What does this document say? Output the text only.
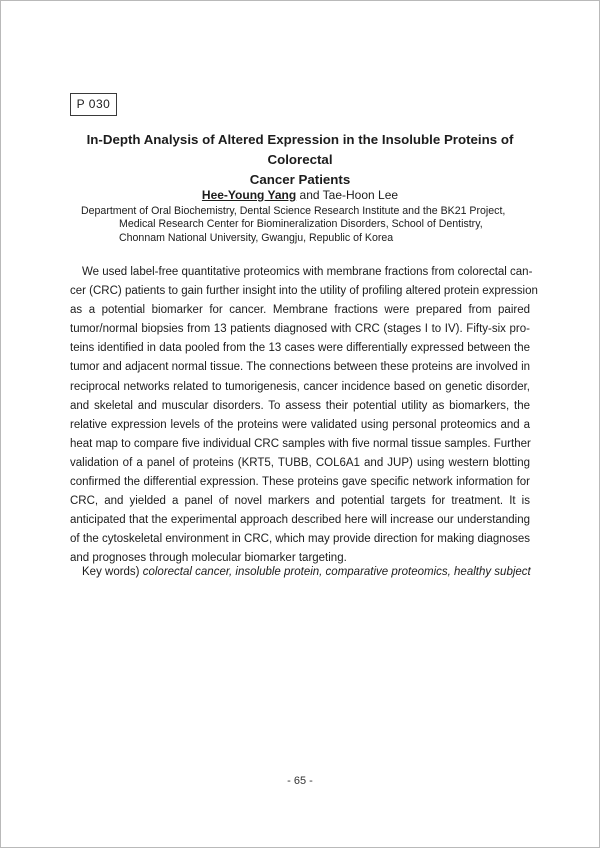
P 030
In-Depth Analysis of Altered Expression in the Insoluble Proteins of Colorectal
Cancer Patients
Hee-Young Yang and Tae-Hoon Lee
Department of Oral Biochemistry, Dental Science Research Institute and the BK21 Project,
Medical Research Center for Biomineralization Disorders, School of Dentistry,
Chonnam National University, Gwangju, Republic of Korea
We used label-free quantitative proteomics with membrane fractions from colorectal can-
cer (CRC) patients to gain further insight into the utility of profiling altered protein expression
as a potential biomarker for cancer. Membrane fractions were prepared from paired
tumor/normal biopsies from 13 patients diagnosed with CRC (stages I to IV). Fifty-six pro-
teins identified in data pooled from the 13 cases were differentially expressed between the
tumor and adjacent normal tissue. The connections between these proteins are involved in
reciprocal networks related to tumorigenesis, cancer incidence based on genetic disorder,
and skeletal and muscular disorders. To assess their potential utility as biomarkers, the
relative expression levels of the proteins were validated using personal proteomics and a
heat map to compare five individual CRC samples with five normal tissue samples. Further
validation of a panel of proteins (KRT5, TUBB, COL6A1 and JUP) using western blotting
confirmed the differential expression. These proteins gave specific network information for
CRC, and yielded a panel of novel markers and potential targets for treatment. It is
anticipated that the experimental approach described here will increase our understanding
of the cytoskeletal environment in CRC, which may provide direction for making diagnoses
and prognoses through molecular biomarker targeting.
Key words) colorectal cancer, insoluble protein, comparative proteomics, healthy subject
- 65 -
